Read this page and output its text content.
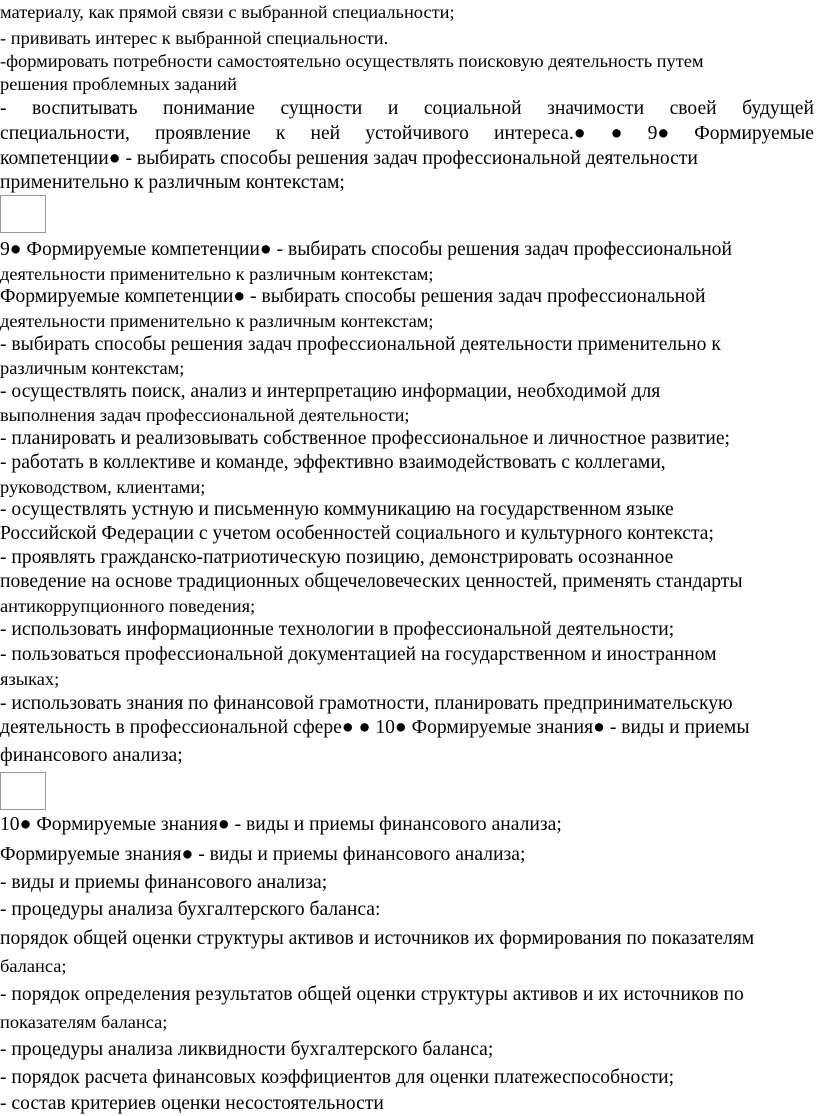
материалу, как прямой связи с выбранной специальности;
- прививать интерес к выбранной специальности.
-формировать потребности самостоятельно осуществлять поисковую деятельность путем
решения проблемных заданий
- воспитывать понимание сущности и социальной значимости своей будущей
специальности, проявление к ней устойчивого интереса.● ● 9● Формируемые
компетенции● - выбирать способы решения задач профессиональной деятельности
применительно к различным контекстам;
9● Формируемые компетенции● - выбирать способы решения задач профессиональной
деятельности применительно к различным контекстам;
Формируемые компетенции● - выбирать способы решения задач профессиональной
деятельности применительно к различным контекстам;
- выбирать способы решения задач профессиональной деятельности применительно к
различным контекстам;
- осуществлять поиск, анализ и интерпретацию информации, необходимой для
выполнения задач профессиональной деятельности;
- планировать и реализовывать собственное профессиональное и личностное развитие;
- работать в коллективе и команде, эффективно взаимодействовать с коллегами,
руководством, клиентами;
- осуществлять устную и письменную коммуникацию на государственном языке
Российской Федерации с учетом особенностей социального и культурного контекста;
- проявлять гражданско-патриотическую позицию, демонстрировать осознанное
поведение на основе традиционных общечеловеческих ценностей, применять стандарты
антикоррупционного поведения;
- использовать информационные технологии в профессиональной деятельности;
- пользоваться профессиональной документацией на государственном и иностранном
языках;
- использовать знания по финансовой грамотности, планировать предпринимательскую
деятельность в профессиональной сфере● ● 10● Формируемые знания● - виды и приемы
финансового анализа;
10● Формируемые знания● - виды и приемы финансового анализа;
Формируемые знания● - виды и приемы финансового анализа;
- виды и приемы финансового анализа;
- процедуры анализа бухгалтерского баланса:
порядок общей оценки структуры активов и источников их формирования по показателям
баланса;
- порядок определения результатов общей оценки структуры активов и их источников по
показателям баланса;
- процедуры анализа ликвидности бухгалтерского баланса;
- порядок расчета финансовых коэффициентов для оценки платежеспособности;
- состав критериев оценки несостоятельности
